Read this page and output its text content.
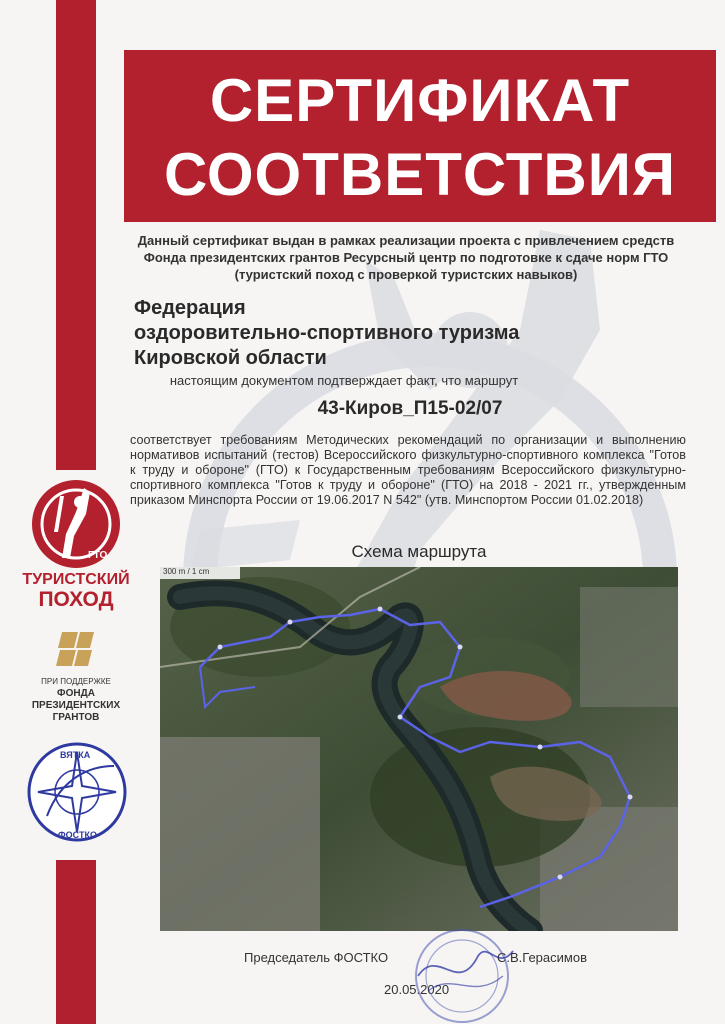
СЕРТИФИКАТ
СООТВЕТСТВИЯ
Данный сертификат выдан в рамках реализации проекта с привлечением средств Фонда президентских грантов Ресурсный центр по подготовке к сдаче норм ГТО (туристский поход с проверкой туристских навыков)
Федерация
оздоровительно-спортивного туризма
Кировской области
настоящим документом подтверждает факт, что маршрут
43-Киров_П15-02/07
соответствует требованиям Методических рекомендаций по организации и выполнению нормативов испытаний (тестов) Всероссийского физкультурно-спортивного комплекса "Готов к труду и обороне" (ГТО) к Государственным требованиям Всероссийского физкультурно-спортивного комплекса "Готов к труду и обороне" (ГТО) на 2018 - 2021 гг., утвержденным приказом Минспорта России от 19.06.2017 N 542" (утв. Минспортом России 01.02.2018)
Схема маршрута
300 m / 1 cm
Председатель ФОСТКО	С.В.Герасимов
20.05.2020
ГТО
ТУРИСТСКИЙ
ПОХОД
ПРИ ПОДДЕРЖКЕ
ФОНДА
ПРЕЗИДЕНТСКИХ
ГРАНТОВ
ВЯТКА
ФОСТКО
